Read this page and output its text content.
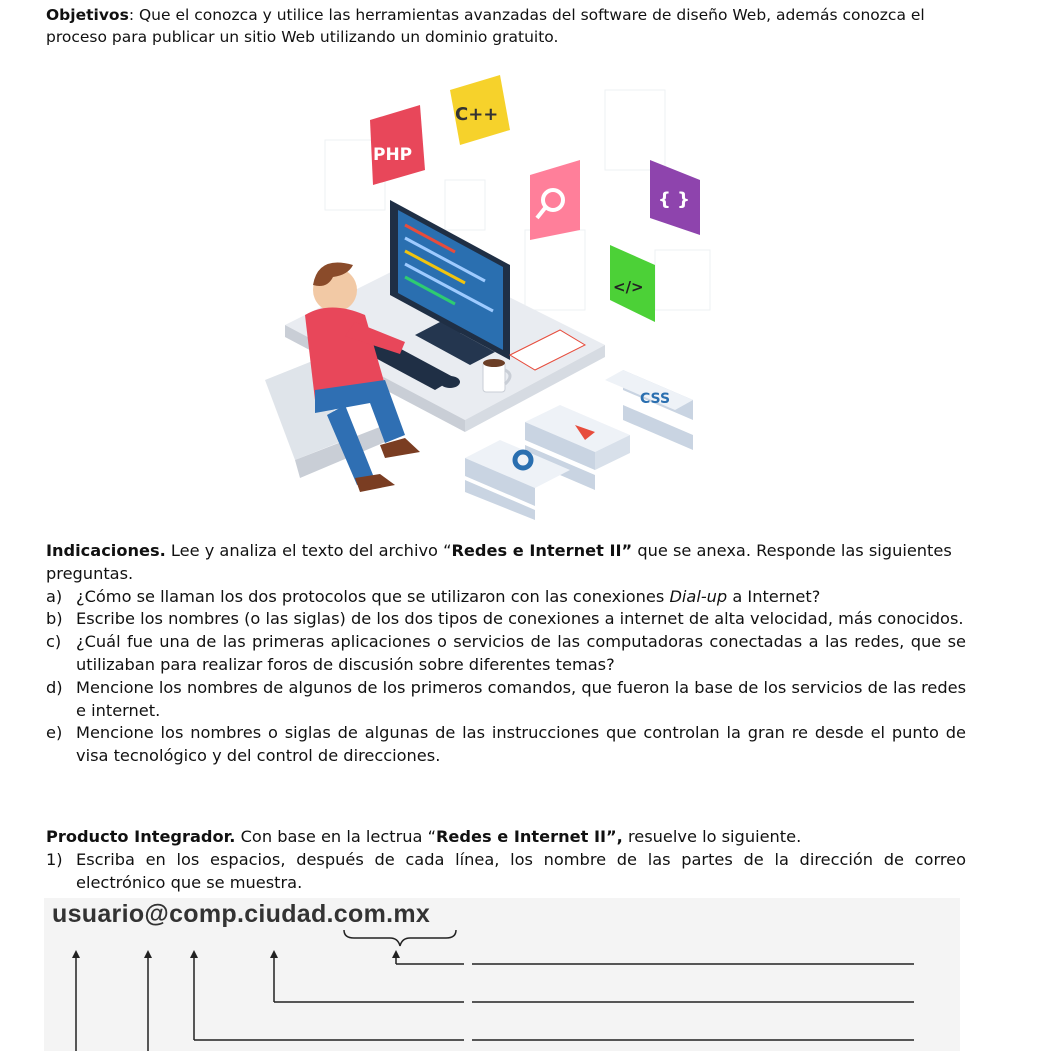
Objetivos: Que el conozca y utilice las herramientas avanzadas del software de diseño Web, además conozca el proceso para publicar un sitio Web utilizando un dominio gratuito.
C++
PHP
{ }
</>
CSS
Indicaciones. Lee y analiza el texto del archivo “Redes e Internet II” que se anexa. Responde las siguientes preguntas.
a) ¿Cómo se llaman los dos protocolos que se utilizaron con las conexiones Dial-up a Internet?
b) Escribe los nombres (o las siglas) de los dos tipos de conexiones a internet de alta velocidad, más conocidos.
c) ¿Cuál fue una de las primeras aplicaciones o servicios de las computadoras conectadas a las redes, que se utilizaban para realizar foros de discusión sobre diferentes temas?
d) Mencione los nombres de algunos de los primeros comandos, que fueron la base de los servicios de las redes e internet.
e) Mencione los nombres o siglas de algunas de las instrucciones que controlan la gran re desde el punto de visa tecnológico y del control de direcciones.
Producto Integrador. Con base en la lectrua “Redes e Internet II”, resuelve lo siguiente.
1) Escriba en los espacios, después de cada línea, los nombre de las partes de la dirección de correo electrónico que se muestra.
usuario@comp.ciudad.com.mx
